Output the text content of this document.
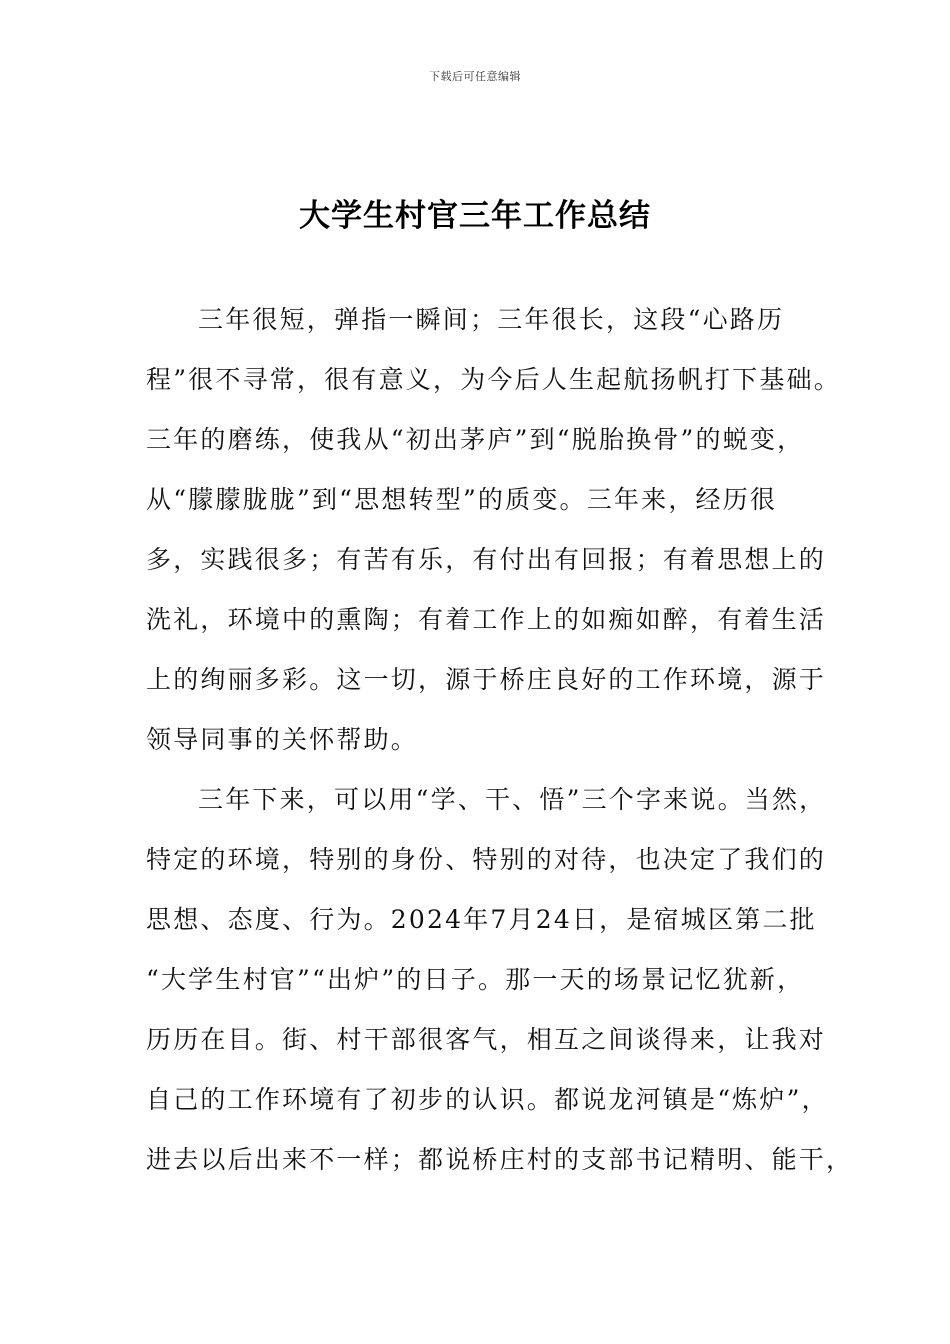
下载后可任意编辑
大学生村官三年工作总结
三年很短，弹指一瞬间；三年很长，这段“心路历
程”很不寻常，很有意义，为今后人生起航扬帆打下基础。
三年的磨练，使我从“初出茅庐”到“脱胎换骨”的蜕变，
从“朦朦胧胧”到“思想转型”的质变。三年来，经历很
多，实践很多；有苦有乐，有付出有回报；有着思想上的
洗礼，环境中的熏陶；有着工作上的如痴如醉，有着生活
上的绚丽多彩。这一切，源于桥庄良好的工作环境，源于
领导同事的关怀帮助。
三年下来，可以用“学、干、悟”三个字来说。当然，
特定的环境，特别的身份、特别的对待，也决定了我们的
思想、态度、行为。2024年7月24日，是宿城区第二批
“大学生村官”“出炉”的日子。那一天的场景记忆犹新，
历历在目。街、村干部很客气，相互之间谈得来，让我对
自己的工作环境有了初步的认识。都说龙河镇是“炼炉”，
进去以后出来不一样；都说桥庄村的支部书记精明、能干，
